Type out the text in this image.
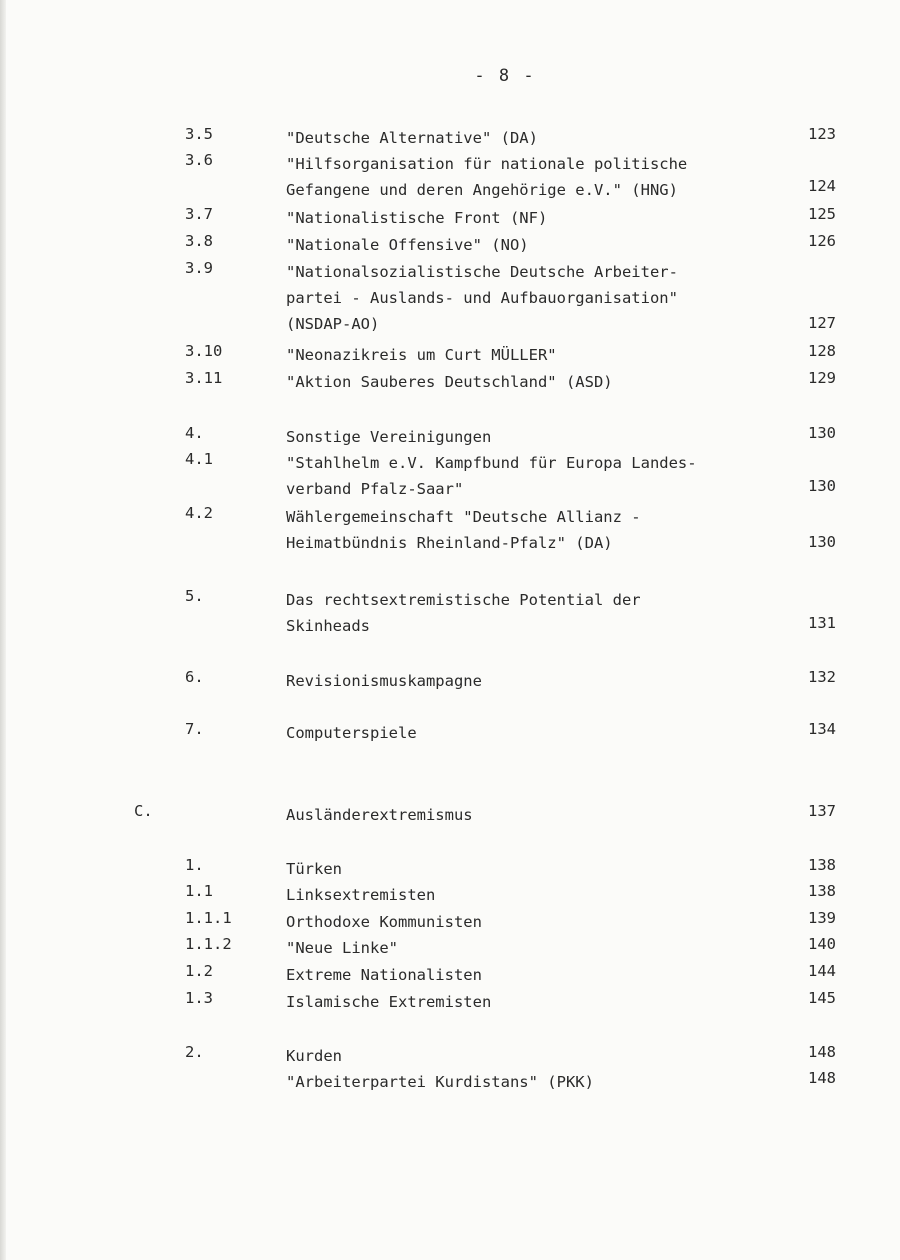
- 8 -
3.5	"Deutsche Alternative" (DA)	123
3.6	"Hilfsorganisation für nationale politische
Gefangene und deren Angehörige e.V." (HNG)	124
3.7	"Nationalistische Front (NF)	125
3.8	"Nationale Offensive" (NO)	126
3.9	"Nationalsozialistische Deutsche Arbeiter-
partei - Auslands- und Aufbauorganisation"
(NSDAP-AO)	127
3.10	"Neonazikreis um Curt MÜLLER"	128
3.11	"Aktion Sauberes Deutschland" (ASD)	129
4.	Sonstige Vereinigungen	130
4.1	"Stahlhelm e.V. Kampfbund für Europa Landes-
verband Pfalz-Saar"	130
4.2	Wählergemeinschaft "Deutsche Allianz -
Heimatbündnis Rheinland-Pfalz" (DA)	130
5.	Das rechtsextremistische Potential der
Skinheads	131
6.	Revisionismuskampagne	132
7.	Computerspiele	134
C.	Ausländerextremismus	137
1.	Türken	138
1.1	Linksextremisten	138
1.1.1	Orthodoxe Kommunisten	139
1.1.2	"Neue Linke"	140
1.2	Extreme Nationalisten	144
1.3	Islamische Extremisten	145
2.	Kurden	148
"Arbeiterpartei Kurdistans" (PKK)	148
